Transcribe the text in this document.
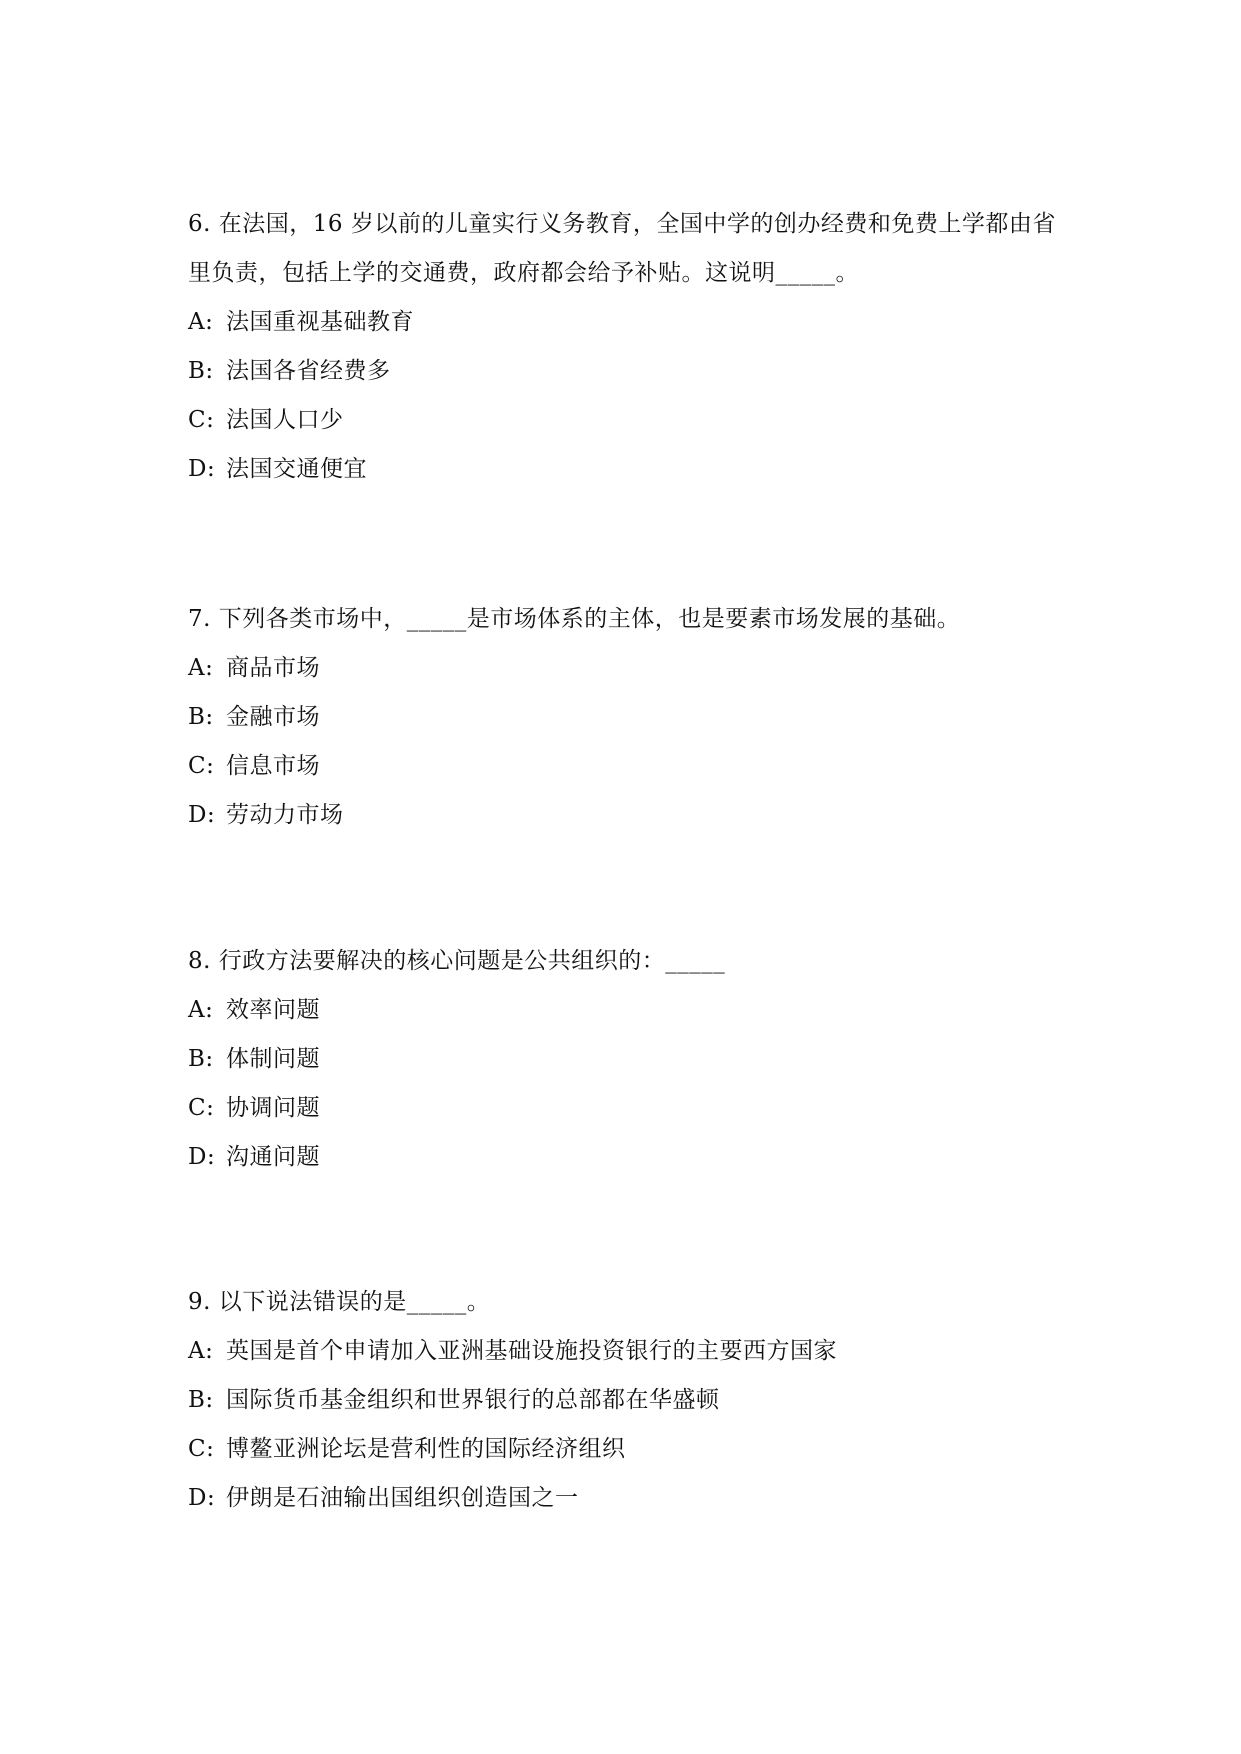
6. 在法国，16 岁以前的儿童实行义务教育，全国中学的创办经费和免费上学都由省里负责，包括上学的交通费，政府都会给予补贴。这说明_____。

A: 法国重视基础教育

B: 法国各省经费多

C: 法国人口少

D: 法国交通便宜

7. 下列各类市场中，_____是市场体系的主体，也是要素市场发展的基础。

A: 商品市场

B: 金融市场

C: 信息市场

D: 劳动力市场

8. 行政方法要解决的核心问题是公共组织的：_____

A: 效率问题

B: 体制问题

C: 协调问题

D: 沟通问题

9. 以下说法错误的是_____。

A: 英国是首个申请加入亚洲基础设施投资银行的主要西方国家

B: 国际货币基金组织和世界银行的总部都在华盛顿

C: 博鳌亚洲论坛是营利性的国际经济组织

D: 伊朗是石油输出国组织创造国之一
